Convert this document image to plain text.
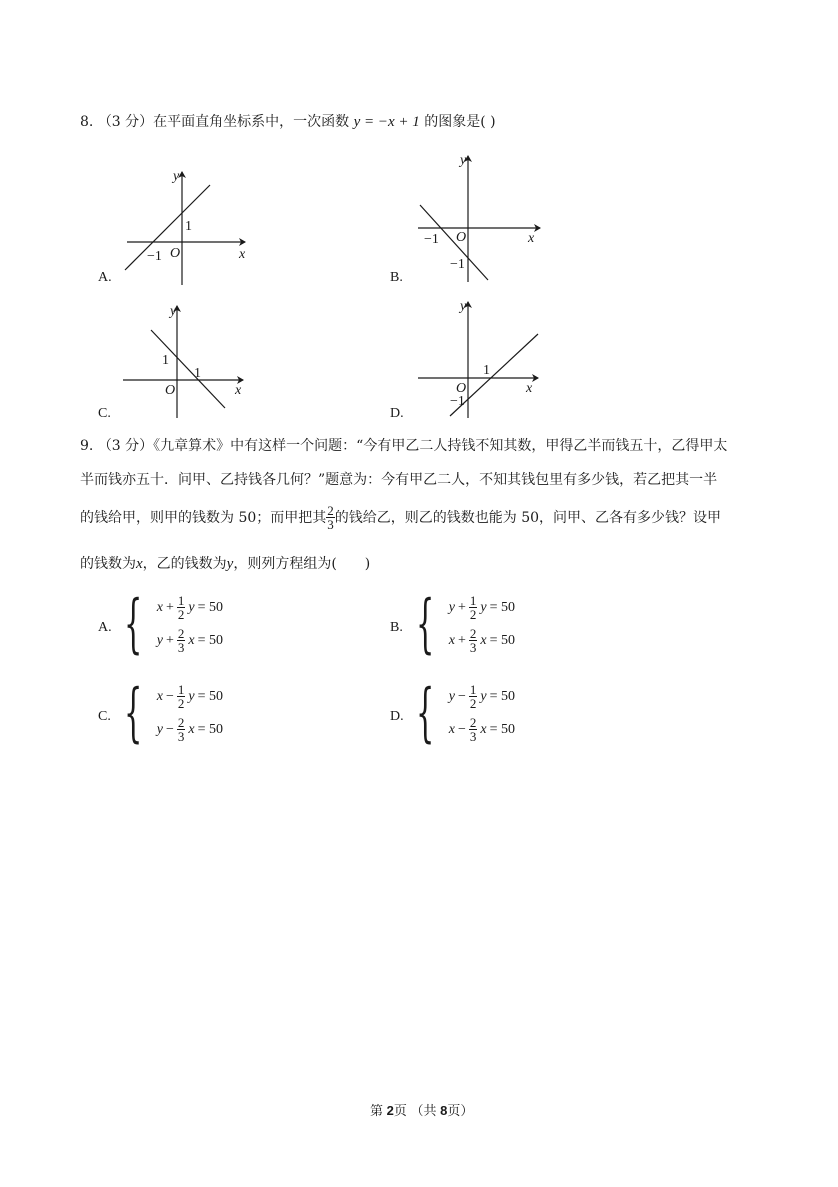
8. （3 分）在平面直角坐标系中，一次函数 y = −x + 1 的图象是( )
y
x
O
1
−1
A.
y
x
O
−1
−1
B.
y
x
O
1
1
C.
y
x
O
1
−1
D.
9. （3 分）《九章算术》中有这样一个问题：“今有甲乙二人持钱不知其数，甲得乙半而钱五十，乙得甲太
半而钱亦五十．问甲、乙持钱各几何？”题意为：今有甲乙二人，不知其钱包里有多少钱，若乙把其一半
的钱给甲，则甲的钱数为 50；而甲把其 $\frac{2}{3}$ 的钱给乙，则乙的钱数也能为 50，问甲、乙各有多少钱？设甲
的钱数为x，乙的钱数为y，则列方程组为(　　)
A. { $x + \frac{1}{2}$ y = 50
$y + \frac{2}{3}$ x = 50
B. { $y + \frac{1}{2}$ y = 50
$x + \frac{2}{3}$ x = 50
C. { $x - \frac{1}{2}$ y = 50
$y - \frac{2}{3}$ x = 50
D. { $y - \frac{1}{2}$ y = 50
$x - \frac{2}{3}$ x = 50
第 2页 （共 8页）
